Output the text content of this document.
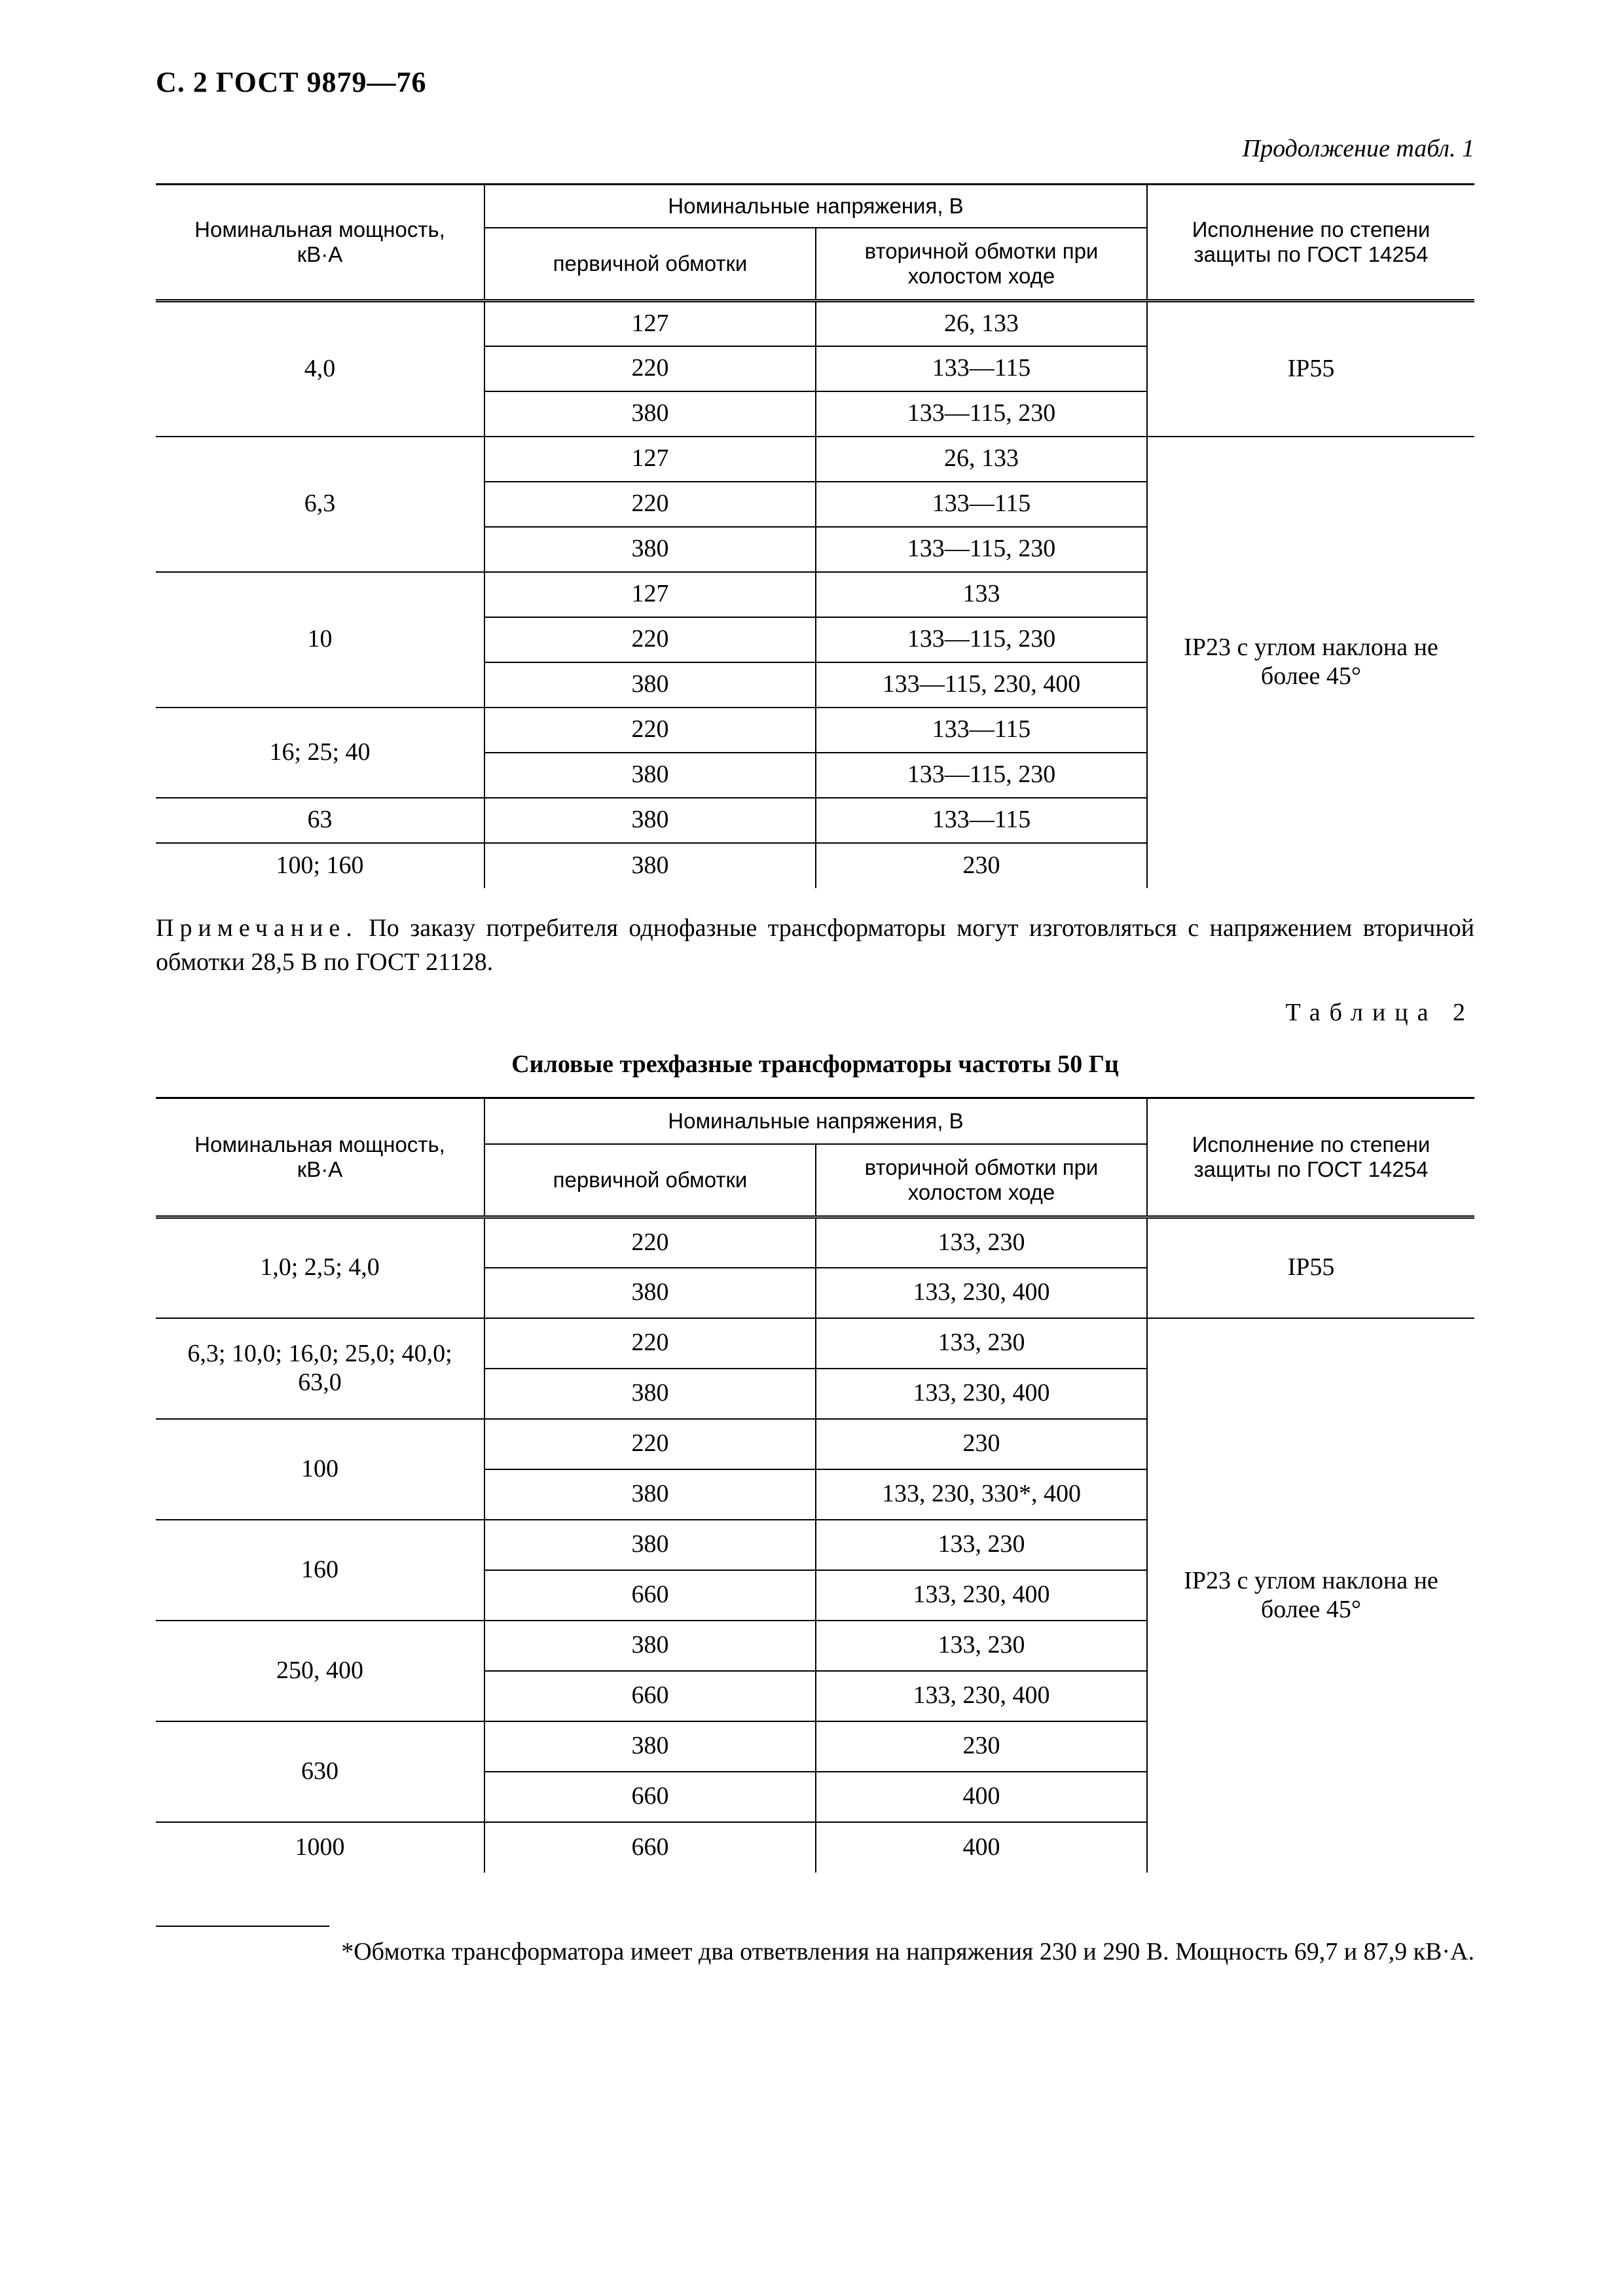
С. 2 ГОСТ 9879—76
Продолжение табл. 1
Номинальная мощность, кВ·А	Номинальные напряжения, В		Исполнение по степени защиты по ГОСТ 14254
	первичной обмотки	вторичной обмотки при холостом ходе	
4,0	127	26, 133	IP55
	220	133—115	
	380	133—115, 230	
6,3	127	26, 133	IP23 с углом наклона не более 45°
	220	133—115	
	380	133—115, 230	
10	127	133	
	220	133—115, 230	
	380	133—115, 230, 400	
16; 25; 40	220	133—115	
	380	133—115, 230	
63	380	133—115	
100; 160	380	230	
Примечание. По заказу потребителя однофазные трансформаторы могут изготовляться с напряжением вторичной обмотки 28,5 В по ГОСТ 21128.
Таблица 2
Силовые трехфазные трансформаторы частоты 50 Гц
Номинальная мощность, кВ·А	Номинальные напряжения, В		Исполнение по степени защиты по ГОСТ 14254
	первичной обмотки	вторичной обмотки при холостом ходе	
1,0; 2,5; 4,0	220	133, 230	IP55
	380	133, 230, 400	
6,3; 10,0; 16,0; 25,0; 40,0; 63,0	220	133, 230	IP23 с углом наклона не более 45°
	380	133, 230, 400	
100	220	230	
	380	133, 230, 330*, 400	
160	380	133, 230	
	660	133, 230, 400	
250, 400	380	133, 230	
	660	133, 230, 400	
630	380	230	
	660	400	
1000	660	400	
*Обмотка трансформатора имеет два ответвления на напряжения 230 и 290 В. Мощность 69,7 и 87,9 кВ·А.
